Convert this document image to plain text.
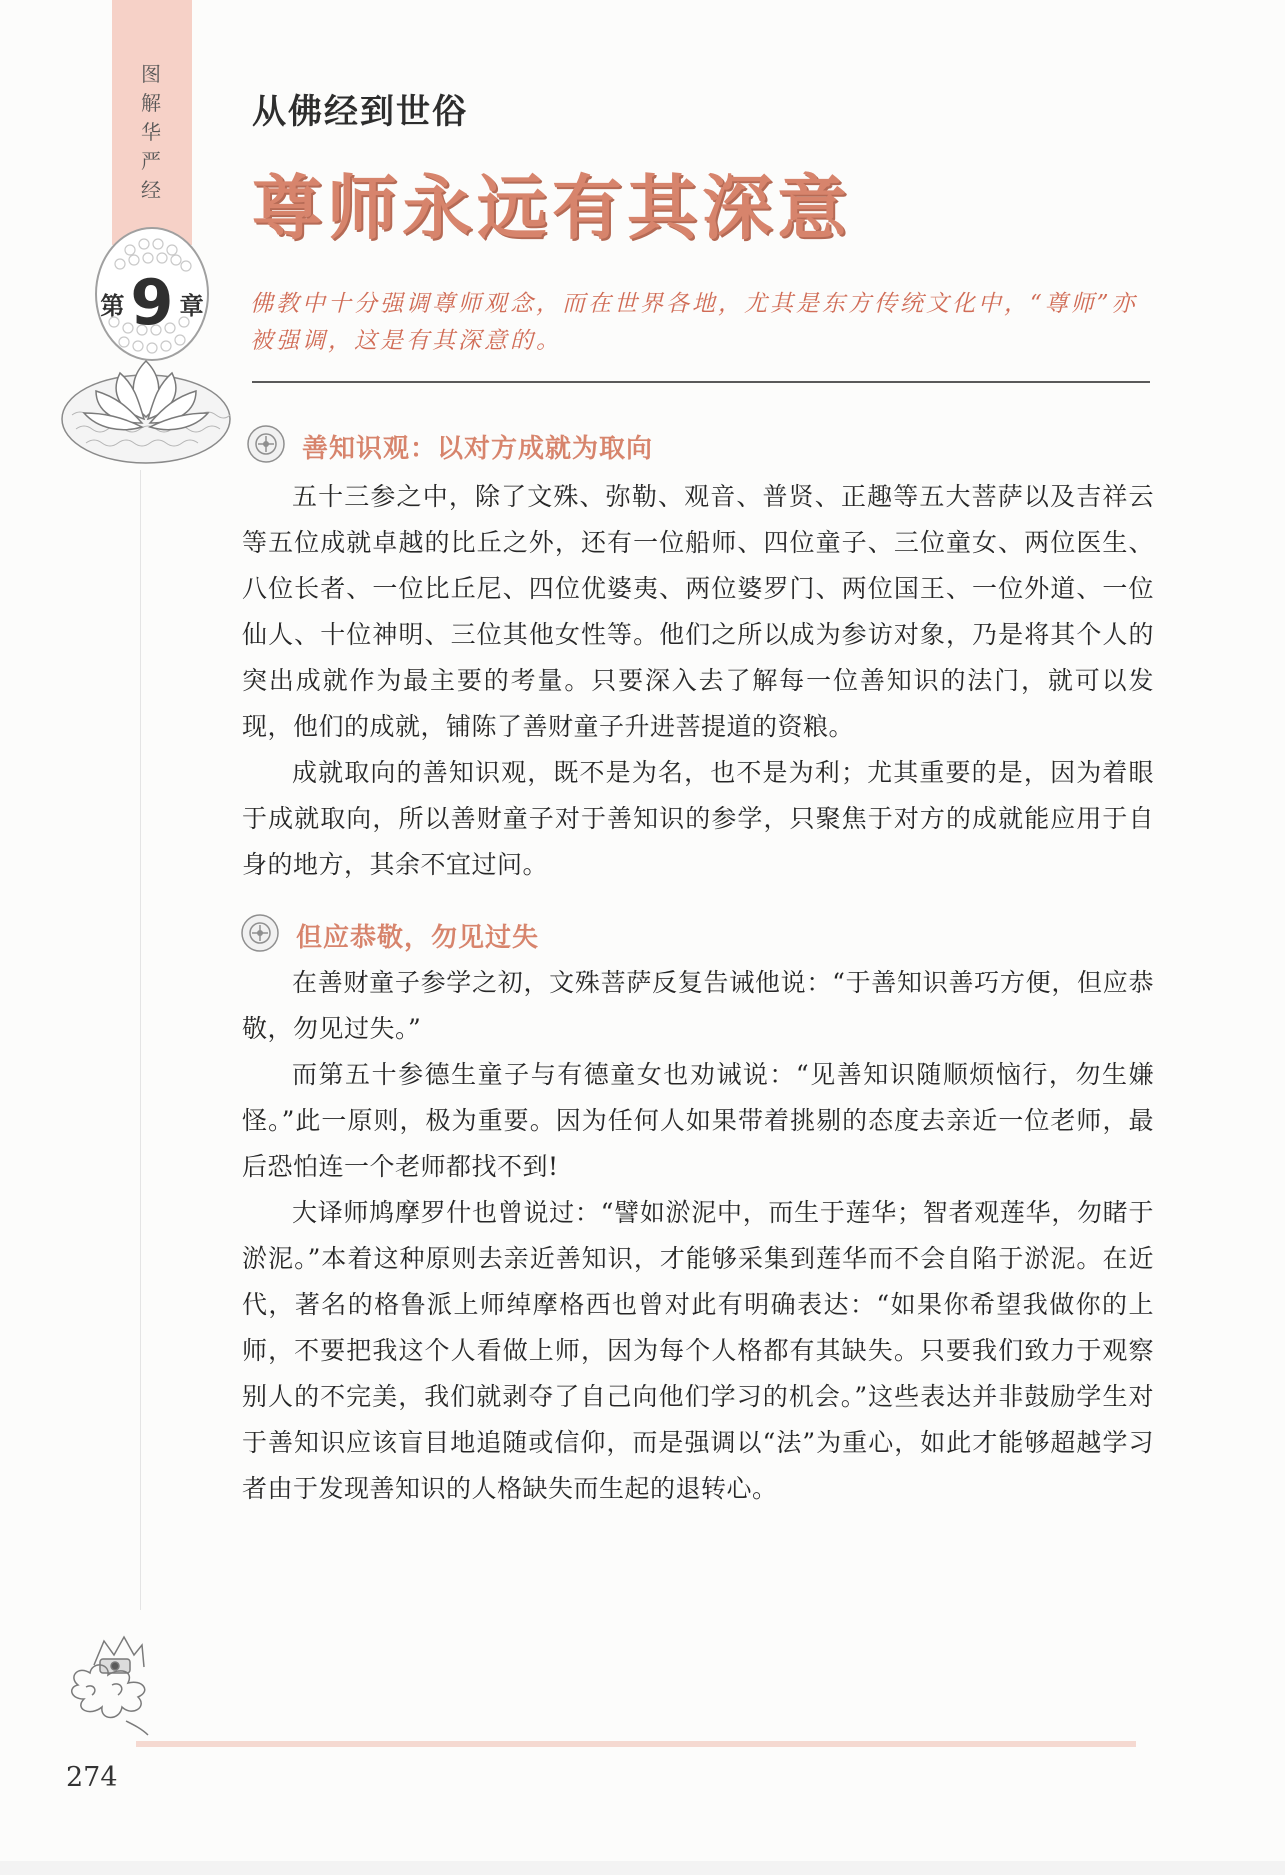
图解华严经
第 9 章
从佛经到世俗
尊师永远有其深意
佛教中十分强调尊师观念，而在世界各地，尤其是东方传统文化中，“尊师”亦被强调，这是有其深意的。
善知识观：以对方成就为取向

五十三参之中，除了文殊、弥勒、观音、普贤、正趣等五大菩萨以及吉祥云等五位成就卓越的比丘之外，还有一位船师、四位童子、三位童女、两位医生、八位长者、一位比丘尼、四位优婆夷、两位婆罗门、两位国王、一位外道、一位仙人、十位神明、三位其他女性等。他们之所以成为参访对象，乃是将其个人的突出成就作为最主要的考量。只要深入去了解每一位善知识的法门，就可以发现，他们的成就，铺陈了善财童子升进菩提道的资粮。

成就取向的善知识观，既不是为名，也不是为利；尤其重要的是，因为着眼于成就取向，所以善财童子对于善知识的参学，只聚焦于对方的成就能应用于自身的地方，其余不宜过问。

但应恭敬，勿见过失

在善财童子参学之初，文殊菩萨反复告诫他说：“于善知识善巧方便，但应恭敬，勿见过失。”

而第五十参德生童子与有德童女也劝诫说：“见善知识随顺烦恼行，勿生嫌怪。”此一原则，极为重要。因为任何人如果带着挑剔的态度去亲近一位老师，最后恐怕连一个老师都找不到!

大译师鸠摩罗什也曾说过：“譬如淤泥中，而生于莲华；智者观莲华，勿睹于淤泥。”本着这种原则去亲近善知识，才能够采集到莲华而不会自陷于淤泥。在近代，著名的格鲁派上师绰摩格西也曾对此有明确表达：“如果你希望我做你的上师，不要把我这个人看做上师，因为每个人格都有其缺失。只要我们致力于观察别人的不完美，我们就剥夺了自己向他们学习的机会。”这些表达并非鼓励学生对于善知识应该盲目地追随或信仰，而是强调以“法”为重心，如此才能够超越学习者由于发现善知识的人格缺失而生起的退转心。

274
